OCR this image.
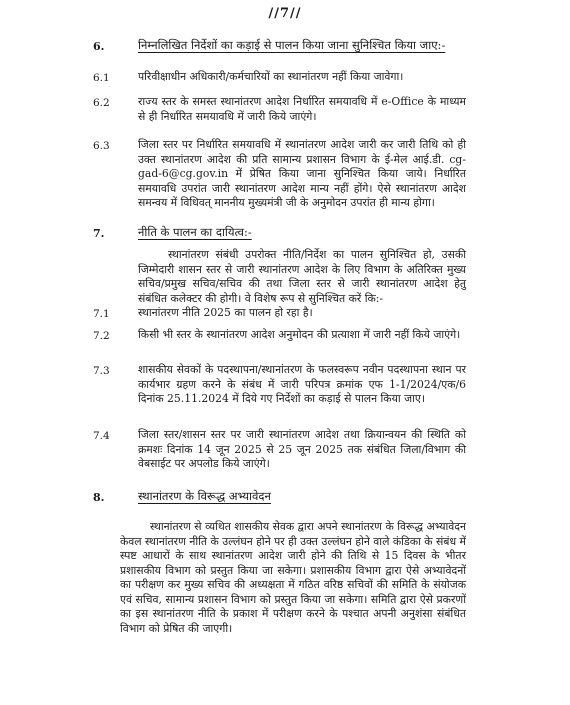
//7//
6.	निम्नलिखित निर्देशों का कड़ाई से पालन किया जाना सुनिश्चित किया जाए:-
6.1	परिवीक्षाधीन अधिकारी/कर्मचारियों का स्थानांतरण नहीं किया जावेगा।
6.2	राज्य स्तर के समस्त स्थानांतरण आदेश निर्धारित समयावधि में e-Office के माध्यम से ही निर्धारित समयावधि में जारी किये जाएंगे।
6.3	जिला स्तर पर निर्धारित समयावधि में स्थानांतरण आदेश जारी कर जारी तिथि को ही उक्त स्थानांतरण आदेश की प्रति सामान्य प्रशासन विभाग के ई-मेल आई.डी. cg-gad-6@cg.gov.in में प्रेषित किया जाना सुनिश्चित किया जाये। निर्धारित समयावधि उपरांत जारी स्थानांतरण आदेश मान्य नहीं होंगे। ऐसे स्थानांतरण आदेश समन्वय में विधिवत् माननीय मुख्यमंत्री जी के अनुमोदन उपरांत ही मान्य होगा।
7.	नीति के पालन का दायित्व:-
स्थानांतरण संबंधी उपरोक्त नीति/निर्देश का पालन सुनिश्चित हो, उसकी जिम्मेदारी शासन स्तर से जारी स्थानांतरण आदेश के लिए विभाग के अतिरिक्त मुख्य सचिव/प्रमुख सचिव/सचिव की तथा जिला स्तर से जारी स्थानांतरण आदेश हेतु संबंधित कलेक्टर की होगी। वे विशेष रूप से सुनिश्चित करें कि:-
7.1	स्थानांतरण नीति 2025 का पालन हो रहा है।
7.2	किसी भी स्तर के स्थानांतरण आदेश अनुमोदन की प्रत्याशा में जारी नहीं किये जाएंगे।
7.3	शासकीय सेवकों के पदस्थापना/स्थानांतरण के फलस्वरूप नवीन पदस्थापना स्थान पर कार्यभार ग्रहण करने के संबंध में जारी परिपत्र क्रमांक एफ 1-1/2024/एक/6 दिनांक 25.11.2024 में दिये गए निर्देशों का कड़ाई से पालन किया जाए।
7.4	जिला स्तर/शासन स्तर पर जारी स्थानांतरण आदेश तथा क्रियान्वयन की स्थिति को क्रमशः दिनांक 14 जून 2025 से 25 जून 2025 तक संबंधित जिला/विभाग की वेबसाईट पर अपलोड किये जाएंगे।
8.	स्थानांतरण के विरूद्ध अभ्यावेदन
स्थानांतरण से व्यथित शासकीय सेवक द्वारा अपने स्थानांतरण के विरूद्ध अभ्यावेदन केवल स्थानांतरण नीति के उल्लंघन होने पर ही उक्त उल्लंघन होने वाले कंडिका के संबंध में स्पष्ट आधारों के साथ स्थानांतरण आदेश जारी होने की तिथि से 15 दिवस के भीतर प्रशासकीय विभाग को प्रस्तुत किया जा सकेगा। प्रशासकीय विभाग द्वारा ऐसे अभ्यावेदनों का परीक्षण कर मुख्य सचिव की अध्यक्षता में गठित वरिष्ठ सचिवों की समिति के संयोजक एवं सचिव, सामान्य प्रशासन विभाग को प्रस्तुत किया जा सकेगा। समिति द्वारा ऐसे प्रकरणों का इस स्थानांतरण नीति के प्रकाश में परीक्षण करने के पश्चात अपनी अनुशंसा संबंधित विभाग को प्रेषित की जाएगी।
